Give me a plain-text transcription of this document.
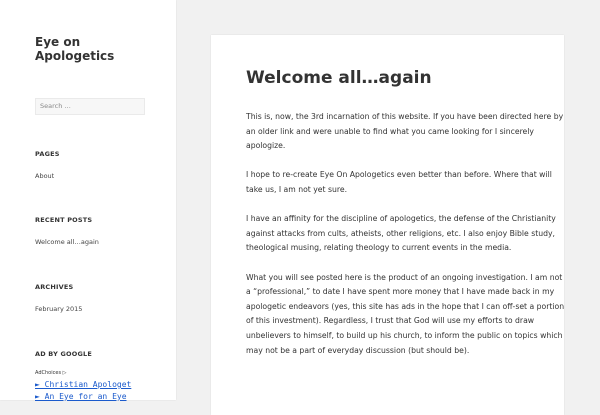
Eye on Apologetics
Search …
PAGES
About
RECENT POSTS
Welcome all…again
ARCHIVES
February 2015
AD BY GOOGLE
AdChoices ▷
► Christian Apologet
► An Eye for an Eye
Welcome all…again

This is, now, the 3rd incarnation of this website. If you have been directed here by an older link and were unable to find what you came looking for I sincerely apologize.

I hope to re-create Eye On Apologetics even better than before. Where that will take us, I am not yet sure.

I have an affinity for the discipline of apologetics, the defense of the Christianity against attacks from cults, atheists, other religions, etc. I also enjoy Bible study, theological musing, relating theology to current events in the media.

What you will see posted here is the product of an ongoing investigation. I am not a “professional,” to date I have spent more money that I have made back in my apologetic endeavors (yes, this site has ads in the hope that I can off-set a portion of this investment). Regardless, I trust that God will use my efforts to draw unbelievers to himself, to build up his church, to inform the public on topics which may not be a part of everyday discussion (but should be).
